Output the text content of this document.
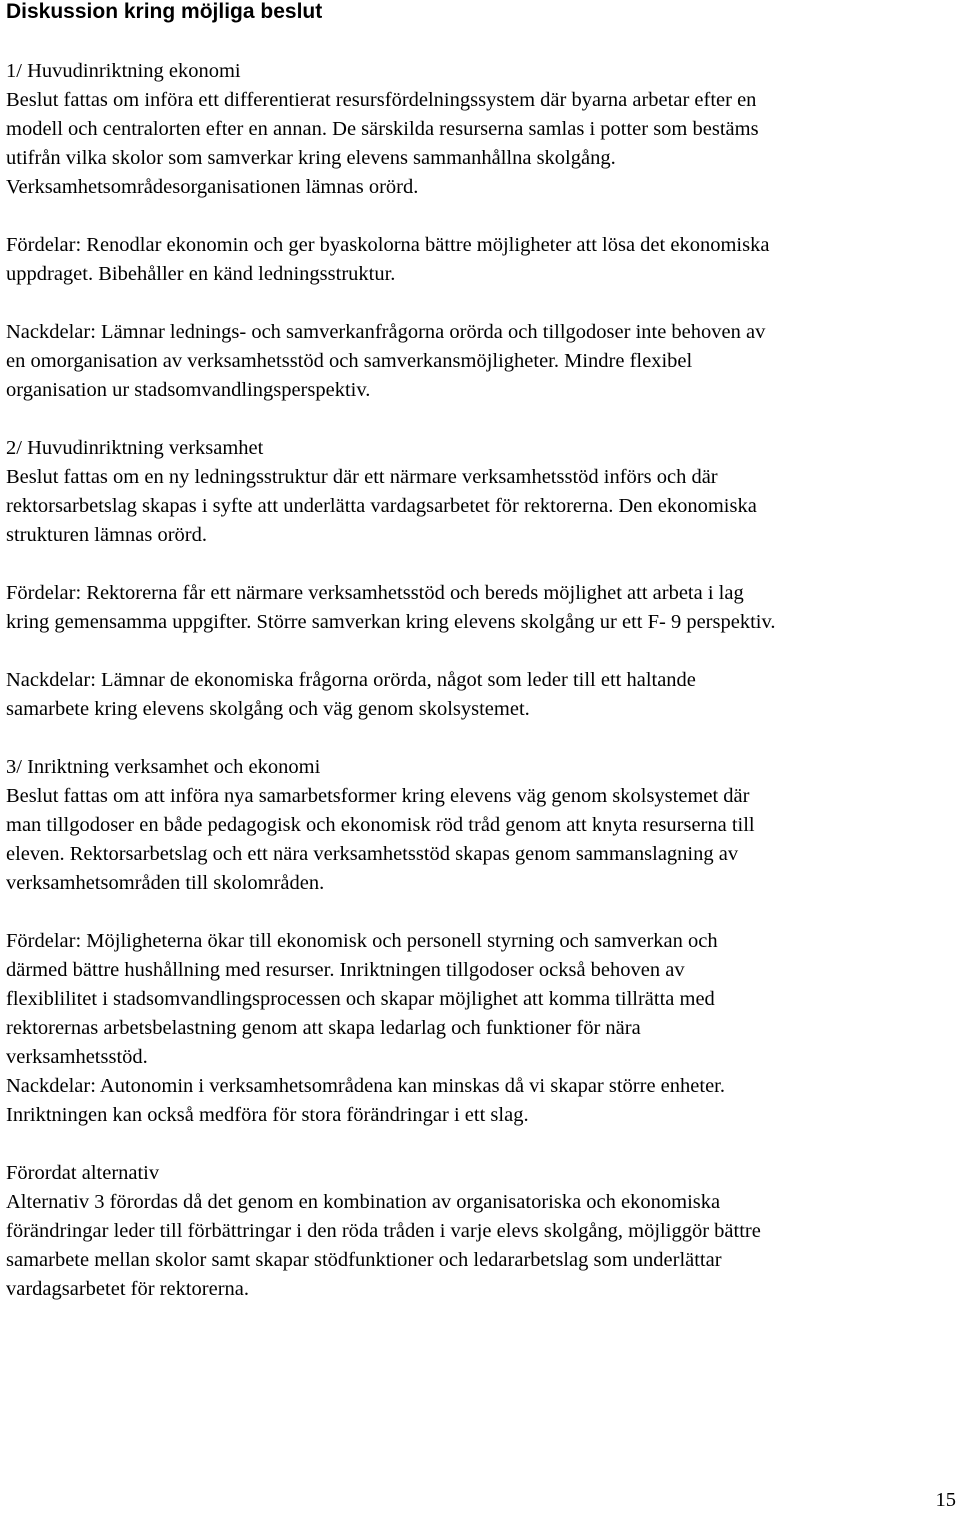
Diskussion kring möjliga beslut
1/ Huvudinriktning ekonomi
Beslut fattas om införa ett differentierat resursfördelningssystem där byarna arbetar efter en
modell och centralorten efter en annan. De särskilda resurserna samlas i potter som bestäms
utifrån vilka skolor som samverkar kring elevens sammanhållna skolgång.
Verksamhetsområdesorganisationen lämnas orörd.
Fördelar: Renodlar ekonomin och ger byaskolorna bättre möjligheter att lösa det ekonomiska
uppdraget. Bibehåller en känd ledningsstruktur.
Nackdelar: Lämnar lednings- och samverkanfrågorna orörda och tillgodoser inte behoven av
en omorganisation av verksamhetsstöd och samverkansmöjligheter. Mindre flexibel
organisation ur stadsomvandlingsperspektiv.
2/ Huvudinriktning verksamhet
Beslut fattas om en ny ledningsstruktur där ett närmare verksamhetsstöd införs och där
rektorsarbetslag skapas i syfte att underlätta vardagsarbetet för rektorerna. Den ekonomiska
strukturen lämnas orörd.
Fördelar: Rektorerna får ett närmare verksamhetsstöd och bereds möjlighet att arbeta i lag
kring gemensamma uppgifter. Större samverkan kring elevens skolgång ur ett F- 9 perspektiv.
Nackdelar: Lämnar de ekonomiska frågorna orörda, något som leder till ett haltande
samarbete kring elevens skolgång och väg genom skolsystemet.
3/ Inriktning verksamhet och ekonomi
Beslut fattas om att införa nya samarbetsformer kring elevens väg genom skolsystemet där
man tillgodoser en både pedagogisk och ekonomisk röd tråd genom att knyta resurserna till
eleven. Rektorsarbetslag och ett nära verksamhetsstöd skapas genom sammanslagning av
verksamhetsområden till skolområden.
Fördelar: Möjligheterna ökar till ekonomisk och personell styrning och samverkan och
därmed bättre hushållning med resurser. Inriktningen tillgodoser också behoven av
flexiblilitet i stadsomvandlingsprocessen och skapar möjlighet att komma tillrätta med
rektorernas arbetsbelastning genom att skapa ledarlag och funktioner för nära
verksamhetsstöd.
Nackdelar: Autonomin i verksamhetsområdena kan minskas då vi skapar större enheter.
Inriktningen kan också medföra för stora förändringar i ett slag.
Förordat alternativ
Alternativ 3 förordas då det genom en kombination av organisatoriska och ekonomiska
förändringar leder till förbättringar i den röda tråden i varje elevs skolgång, möjliggör bättre
samarbete mellan skolor samt skapar stödfunktioner och ledararbetslag som underlättar
vardagsarbetet för rektorerna.
15
